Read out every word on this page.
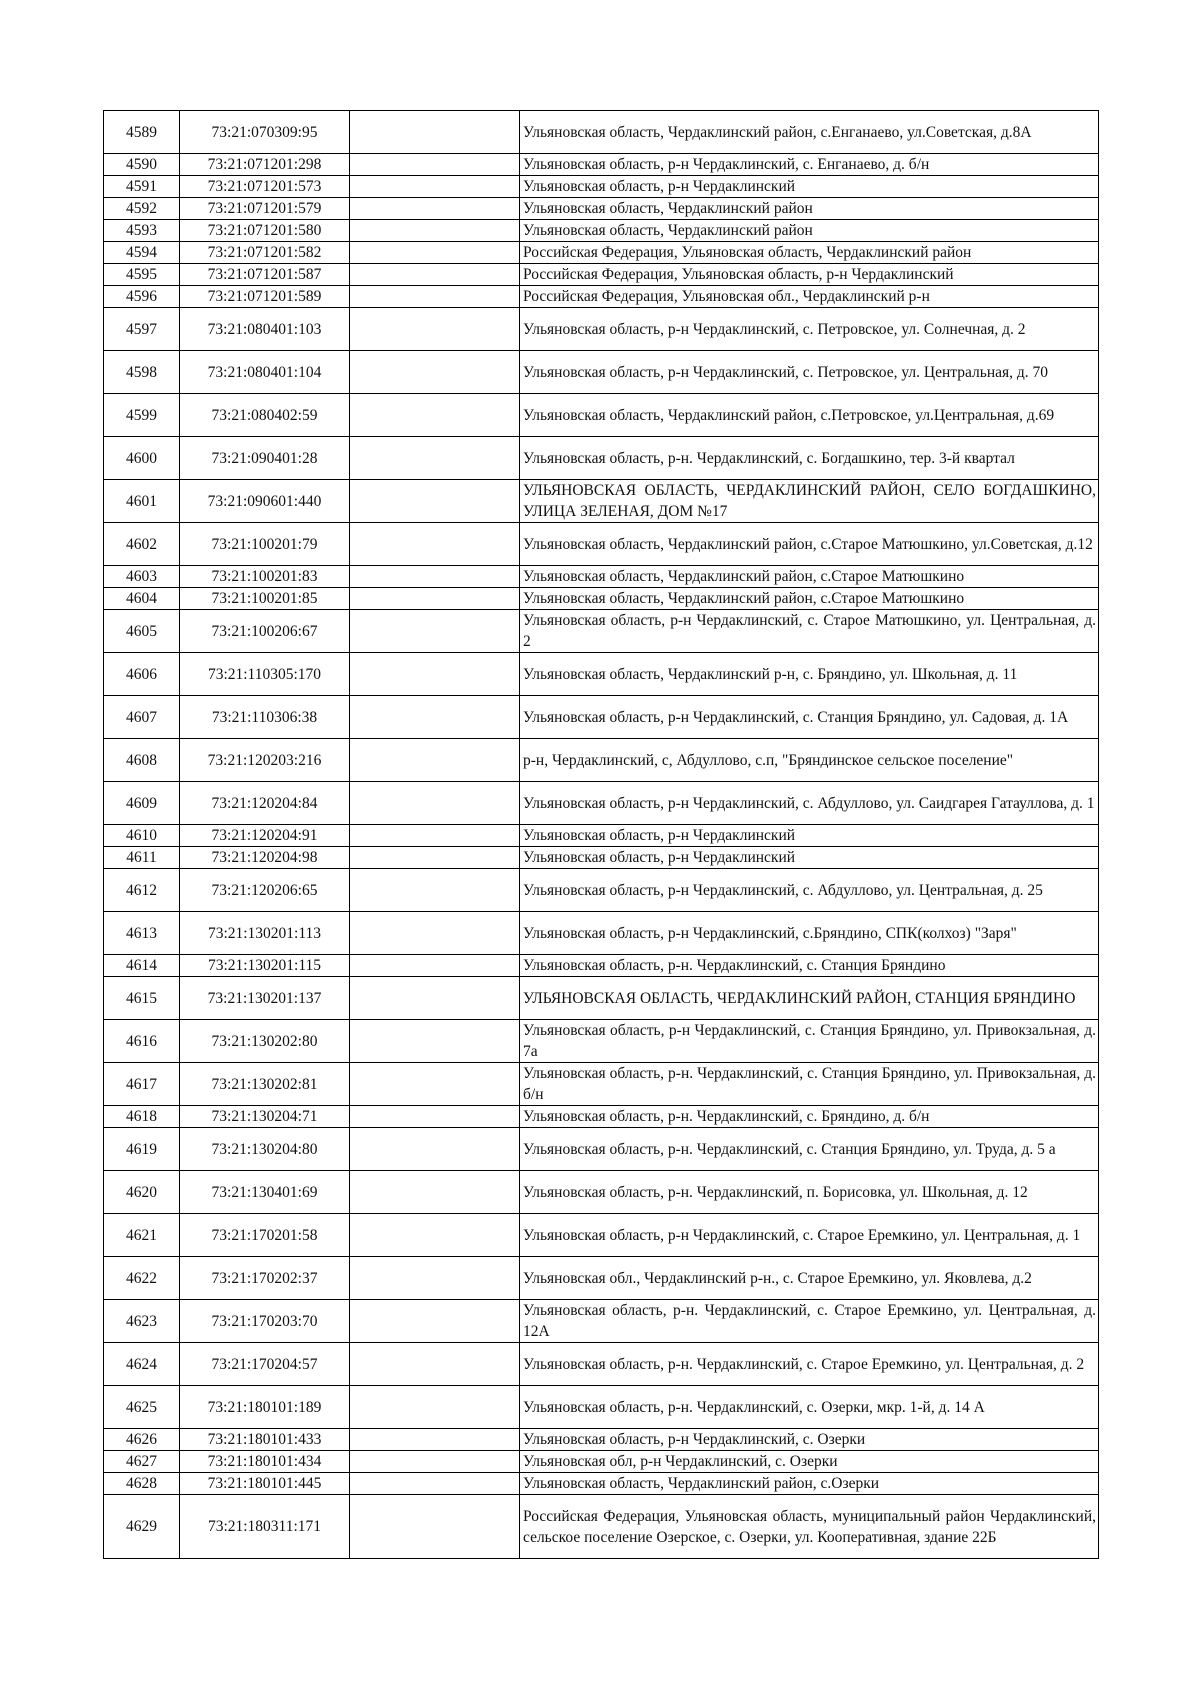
4589	73:21:070309:95		Ульяновская область, Чердаклинский район, с.Енганаево, ул.Советская, д.8А
4590	73:21:071201:298		Ульяновская область, р-н Чердаклинский, с. Енганаево, д. б/н
4591	73:21:071201:573		Ульяновская область, р-н Чердаклинский
4592	73:21:071201:579		Ульяновская область, Чердаклинский район
4593	73:21:071201:580		Ульяновская область, Чердаклинский район
4594	73:21:071201:582		Российская Федерация, Ульяновская область, Чердаклинский район
4595	73:21:071201:587		Российская Федерация, Ульяновская область, р-н Чердаклинский
4596	73:21:071201:589		Российская Федерация, Ульяновская обл., Чердаклинский р-н
4597	73:21:080401:103		Ульяновская область, р-н Чердаклинский, с. Петровское, ул. Солнечная, д. 2
4598	73:21:080401:104		Ульяновская область, р-н Чердаклинский, с. Петровское, ул. Центральная, д. 70
4599	73:21:080402:59		Ульяновская область, Чердаклинский район, с.Петровское, ул.Центральная, д.69
4600	73:21:090401:28		Ульяновская область, р-н. Чердаклинский, с. Богдашкино, тер. 3-й квартал
4601	73:21:090601:440		УЛЬЯНОВСКАЯ ОБЛАСТЬ, ЧЕРДАКЛИНСКИЙ РАЙОН, СЕЛО БОГДАШКИНО, УЛИЦА ЗЕЛЕНАЯ, ДОМ №17
4602	73:21:100201:79		Ульяновская область, Чердаклинский район, с.Старое Матюшкино, ул.Советская, д.12
4603	73:21:100201:83		Ульяновская область, Чердаклинский район, с.Старое Матюшкино
4604	73:21:100201:85		Ульяновская область, Чердаклинский район, с.Старое Матюшкино
4605	73:21:100206:67		Ульяновская область, р-н Чердаклинский, с. Старое Матюшкино, ул. Центральная, д. 2
4606	73:21:110305:170		Ульяновская область, Чердаклинский р-н, с. Бряндино, ул. Школьная, д. 11
4607	73:21:110306:38		Ульяновская область, р-н Чердаклинский, с. Станция Бряндино, ул. Садовая, д. 1А
4608	73:21:120203:216		р-н, Чердаклинский, с, Абдуллово, с.п, "Бряндинское сельское поселение"
4609	73:21:120204:84		Ульяновская область, р-н Чердаклинский, с. Абдуллово, ул. Саидгарея Гатауллова, д. 1
4610	73:21:120204:91		Ульяновская область, р-н Чердаклинский
4611	73:21:120204:98		Ульяновская область, р-н Чердаклинский
4612	73:21:120206:65		Ульяновская область, р-н Чердаклинский, с. Абдуллово, ул. Центральная, д. 25
4613	73:21:130201:113		Ульяновская область, р-н Чердаклинский, с.Бряндино, СПК(колхоз) "Заря"
4614	73:21:130201:115		Ульяновская область, р-н. Чердаклинский, с. Станция Бряндино
4615	73:21:130201:137		УЛЬЯНОВСКАЯ ОБЛАСТЬ, ЧЕРДАКЛИНСКИЙ РАЙОН, СТАНЦИЯ БРЯНДИНО
4616	73:21:130202:80		Ульяновская область, р-н Чердаклинский, с. Станция Бряндино, ул. Привокзальная, д. 7а
4617	73:21:130202:81		Ульяновская область, р-н. Чердаклинский, с. Станция Бряндино, ул. Привокзальная, д. б/н
4618	73:21:130204:71		Ульяновская область, р-н. Чердаклинский, с. Бряндино, д. б/н
4619	73:21:130204:80		Ульяновская область, р-н. Чердаклинский, с. Станция Бряндино, ул. Труда, д. 5 а
4620	73:21:130401:69		Ульяновская область, р-н. Чердаклинский, п. Борисовка, ул. Школьная, д. 12
4621	73:21:170201:58		Ульяновская область, р-н Чердаклинский, с. Старое Еремкино, ул. Центральная, д. 1
4622	73:21:170202:37		Ульяновская обл., Чердаклинский р-н., с. Старое Еремкино, ул. Яковлева, д.2
4623	73:21:170203:70		Ульяновская область, р-н. Чердаклинский, с. Старое Еремкино, ул. Центральная, д. 12А
4624	73:21:170204:57		Ульяновская область, р-н. Чердаклинский, с. Старое Еремкино, ул. Центральная, д. 2
4625	73:21:180101:189		Ульяновская область, р-н. Чердаклинский, с. Озерки, мкр. 1-й, д. 14 А
4626	73:21:180101:433		Ульяновская область, р-н Чердаклинский, с. Озерки
4627	73:21:180101:434		Ульяновская обл, р-н Чердаклинский, с. Озерки
4628	73:21:180101:445		Ульяновская область, Чердаклинский район, с.Озерки
4629	73:21:180311:171		Российская Федерация, Ульяновская область, муниципальный район Чердаклинский, сельское поселение Озерское, с. Озерки, ул. Кооперативная, здание 22Б
